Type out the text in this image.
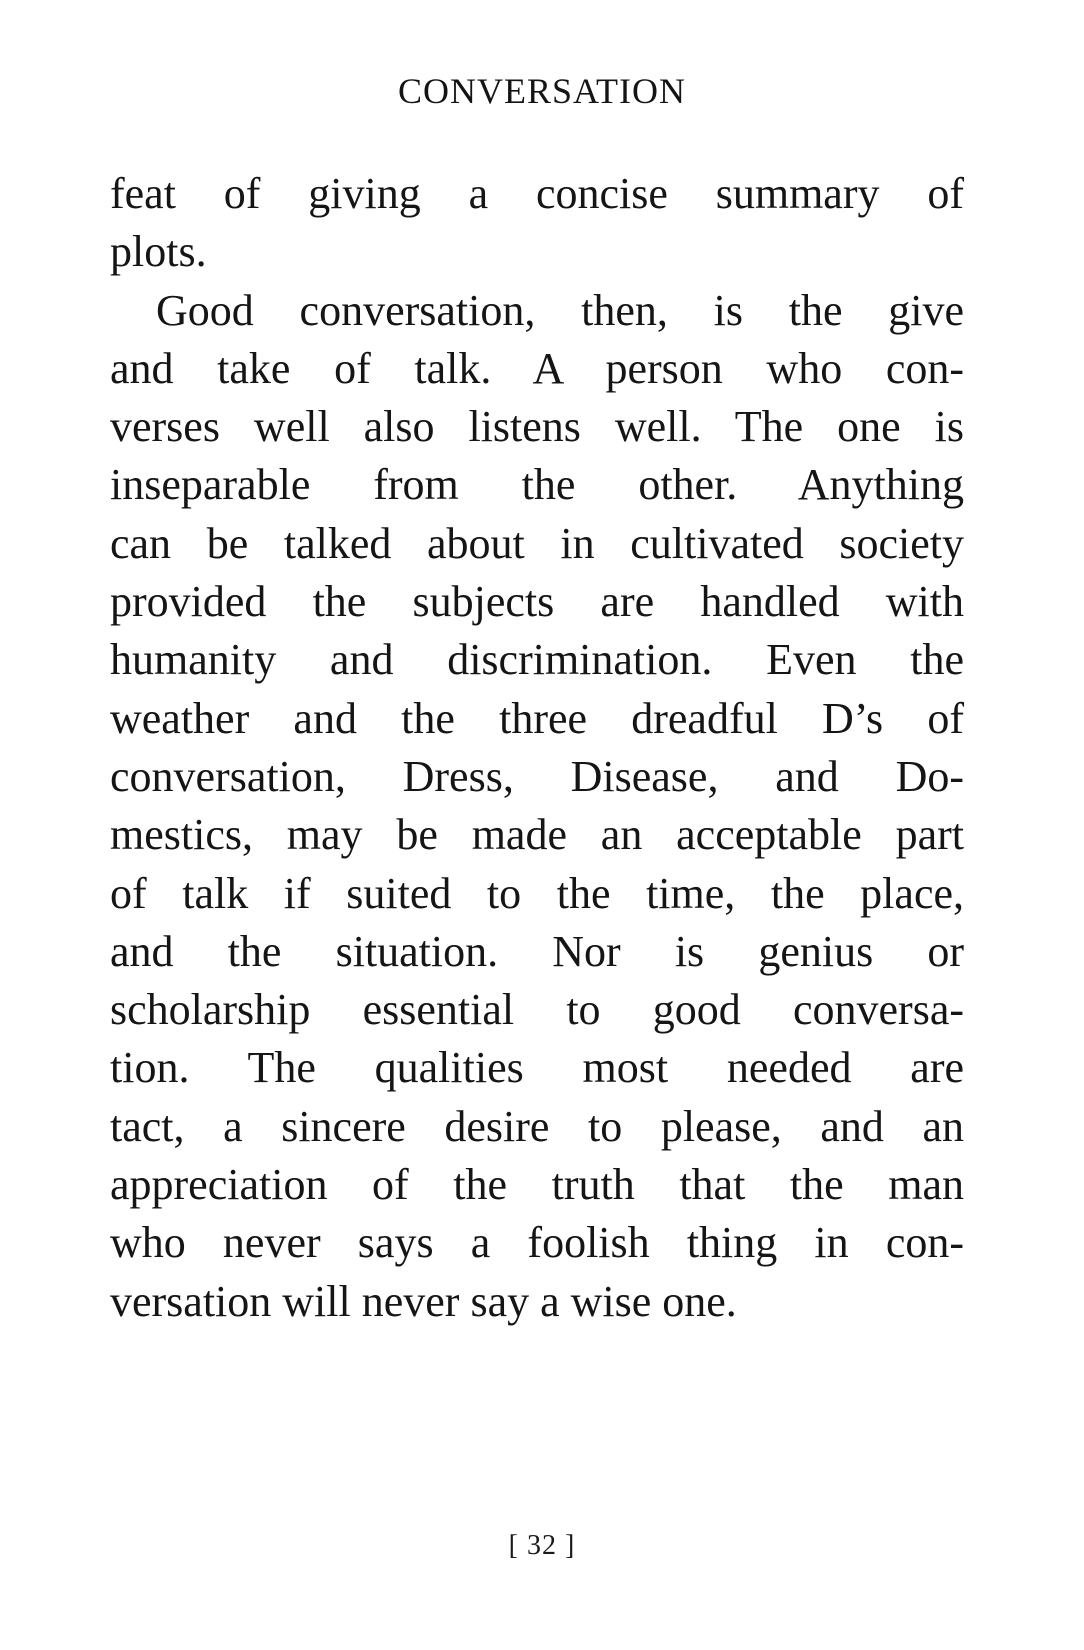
CONVERSATION
feat of giving a concise summary of
plots.
Good conversation, then, is the give
and take of talk. A person who con-
verses well also listens well. The one is
inseparable from the other. Anything
can be talked about in cultivated society
provided the subjects are handled with
humanity and discrimination. Even the
weather and the three dreadful D’s of
conversation, Dress, Disease, and Do-
mestics, may be made an acceptable part
of talk if suited to the time, the place,
and the situation. Nor is genius or
scholarship essential to good conversa-
tion. The qualities most needed are
tact, a sincere desire to please, and an
appreciation of the truth that the man
who never says a foolish thing in con-
versation will never say a wise one.
[ 32 ]
